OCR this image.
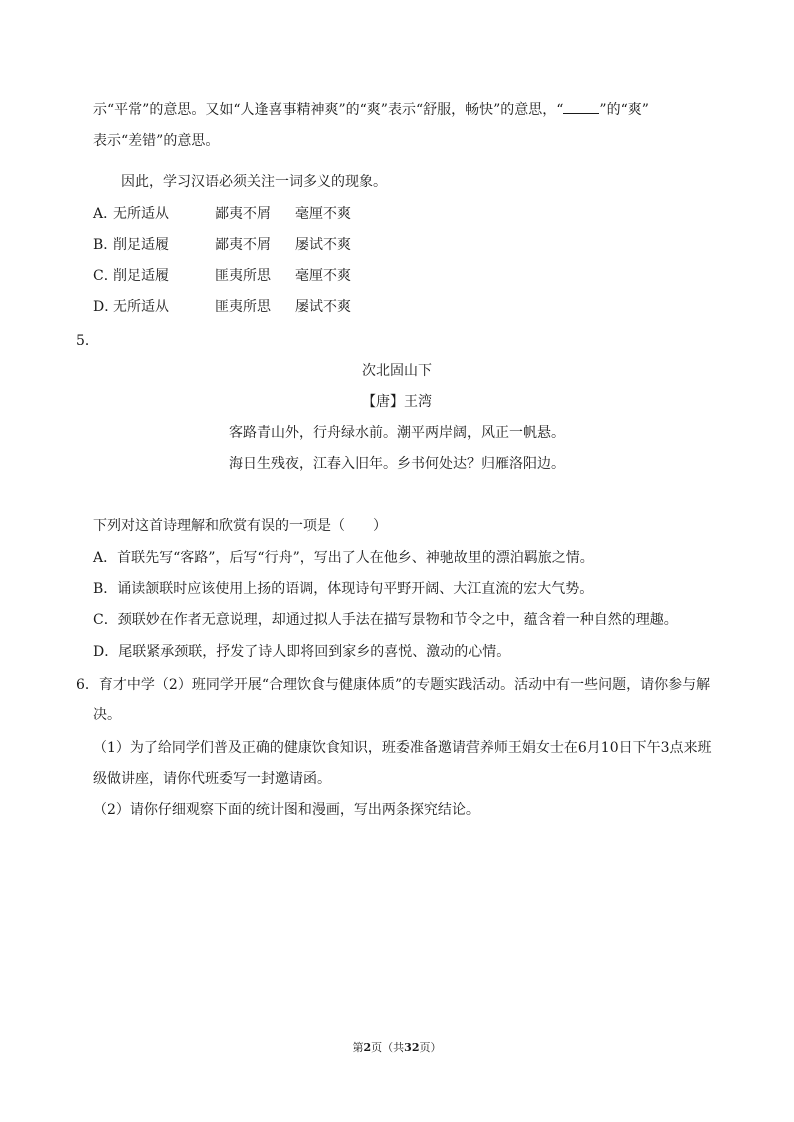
示“平常”的意思。又如“人逢喜事精神爽”的“爽”表示“舒服，畅快”的意思，“	”的“爽”
表示“差错”的意思。
因此，学习汉语必须关注一词多义的现象。
A．无所适从	鄙夷不屑 毫厘不爽
B．削足适履	鄙夷不屑 屡试不爽
C．削足适履	匪夷所思 毫厘不爽
D．无所适从	匪夷所思 屡试不爽
5．
次北固山下
【唐】王湾
客路青山外，行舟绿水前。潮平两岸阔，风正一帆悬。
海日生残夜，江春入旧年。乡书何处达？归雁洛阳边。
下列对这首诗理解和欣赏有误的一项是（　　）
A．首联先写“客路”，后写“行舟”，写出了人在他乡、神驰故里的漂泊羁旅之情。
B．诵读颔联时应该使用上扬的语调，体现诗句平野开阔、大江直流的宏大气势。
C．颈联妙在作者无意说理，却通过拟人手法在描写景物和节令之中，蕴含着一种自然的理趣。
D．尾联紧承颈联，抒发了诗人即将回到家乡的喜悦、激动的心情。
6．育才中学（2）班同学开展“合理饮食与健康体质”的专题实践活动。活动中有一些问题，请你参与解
决。
（1）为了给同学们普及正确的健康饮食知识，班委准备邀请营养师王娟女士在6月10日下午3点来班
级做讲座，请你代班委写一封邀请函。
（2）请你仔细观察下面的统计图和漫画，写出两条探究结论。
第2页（共32页）
